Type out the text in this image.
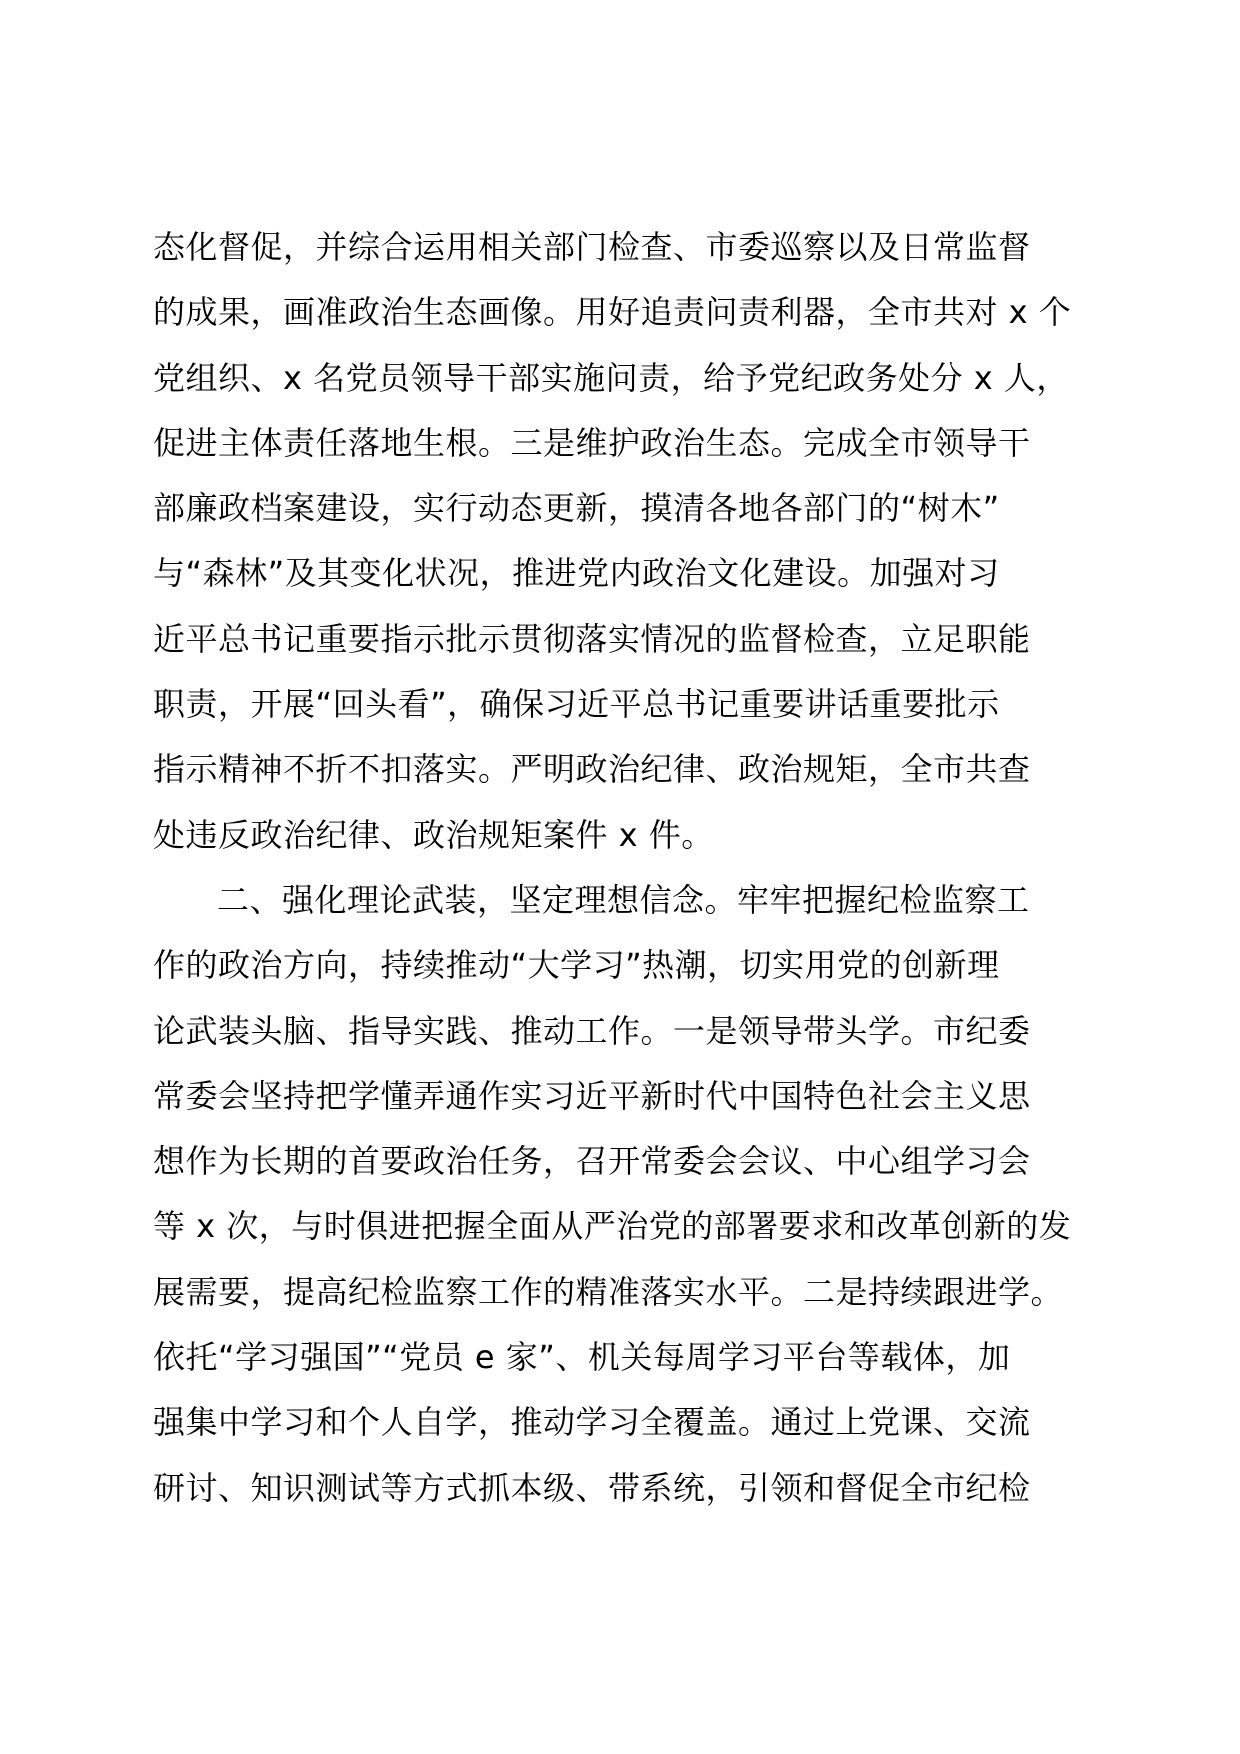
态化督促，并综合运用相关部门检查、市委巡察以及日常监督
的成果，画准政治生态画像。用好追责问责利器，全市共对 x 个
党组织、x 名党员领导干部实施问责，给予党纪政务处分 x 人，
促进主体责任落地生根。三是维护政治生态。完成全市领导干
部廉政档案建设，实行动态更新，摸清各地各部门的“树木”
与“森林”及其变化状况，推进党内政治文化建设。加强对习
近平总书记重要指示批示贯彻落实情况的监督检查，立足职能
职责，开展“回头看”，确保习近平总书记重要讲话重要批示
指示精神不折不扣落实。严明政治纪律、政治规矩，全市共查
处违反政治纪律、政治规矩案件 x 件。
二、强化理论武装，坚定理想信念。牢牢把握纪检监察工
作的政治方向，持续推动“大学习”热潮，切实用党的创新理
论武装头脑、指导实践、推动工作。一是领导带头学。市纪委
常委会坚持把学懂弄通作实习近平新时代中国特色社会主义思
想作为长期的首要政治任务，召开常委会会议、中心组学习会
等 x 次，与时俱进把握全面从严治党的部署要求和改革创新的发
展需要，提高纪检监察工作的精准落实水平。二是持续跟进学。
依托“学习强国”“党员 e 家”、机关每周学习平台等载体，加
强集中学习和个人自学，推动学习全覆盖。通过上党课、交流
研讨、知识测试等方式抓本级、带系统，引领和督促全市纪检
